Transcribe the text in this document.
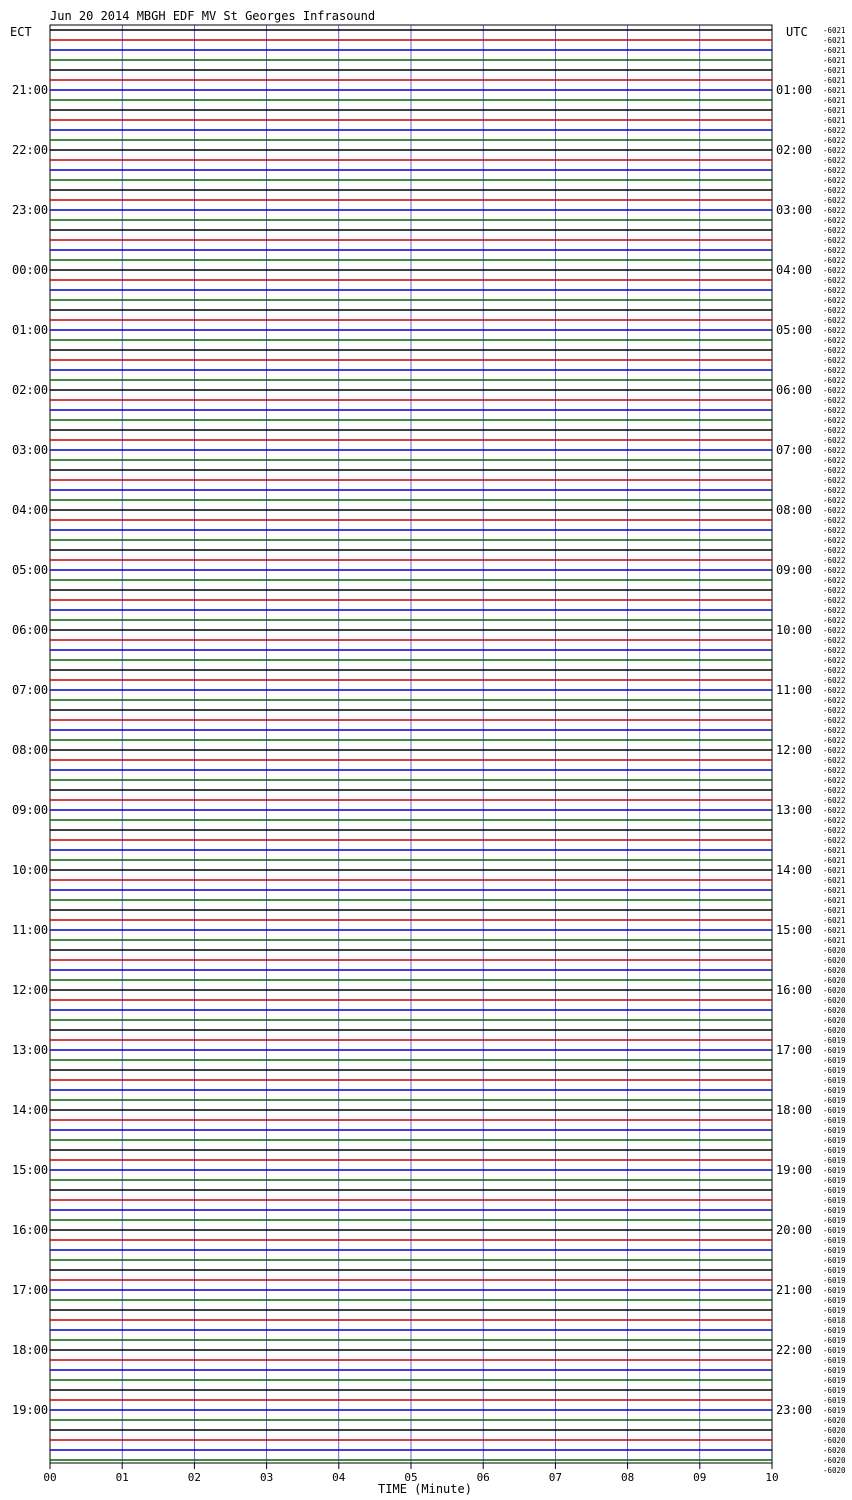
Jun 20 2014 MBGH EDF MV St Georges Infrasound
ECT	UTC
21:00
22:00
23:00
00:00
01:00
02:00
03:00
04:00
05:00
06:00
07:00
08:00
09:00
10:00
11:00
12:00
13:00
14:00
15:00
16:00
17:00
18:00
19:00
01:00
02:00
03:00
04:00
05:00
06:00
07:00
08:00
09:00
10:00
11:00
12:00
13:00
14:00
15:00
16:00
17:00
18:00
19:00
20:00
21:00
22:00
23:00
-6021
-6021
-6021
-6021
-6021
-6021
-6021
-6021
-6021
-6021
-6022
-6022
-6022
-6022
-6022
-6022
-6022
-6022
-6022
-6022
-6022
-6022
-6022
-6022
-6022
-6022
-6022
-6022
-6022
-6022
-6022
-6022
-6022
-6022
-6022
-6022
-6022
-6022
-6022
-6022
-6022
-6022
-6022
-6022
-6022
-6022
-6022
-6022
-6022
-6022
-6022
-6022
-6022
-6022
-6022
-6022
-6022
-6022
-6022
-6022
-6022
-6022
-6022
-6022
-6022
-6022
-6022
-6022
-6022
-6022
-6022
-6022
-6022
-6022
-6022
-6022
-6022
-6022
-6022
-6022
-6022
-6022
-6021
-6021
-6021
-6021
-6021
-6021
-6021
-6021
-6021
-6021
-6020
-6020
-6020
-6020
-6020
-6020
-6020
-6020
-6020
-6019
-6019
-6019
-6019
-6019
-6019
-6019
-6019
-6019
-6019
-6019
-6019
-6019
-6019
-6019
-6019
-6019
-6019
-6019
-6019
-6019
-6019
-6019
-6019
-6019
-6019
-6019
-6019
-6018
-6019
-6019
-6019
-6019
-6019
-6019
-6019
-6019
-6019
-6020
-6020
-6020
-6020
-6020
-6020
00	01	02	03	04	05	06	07	08	09	10
TIME (Minute)
